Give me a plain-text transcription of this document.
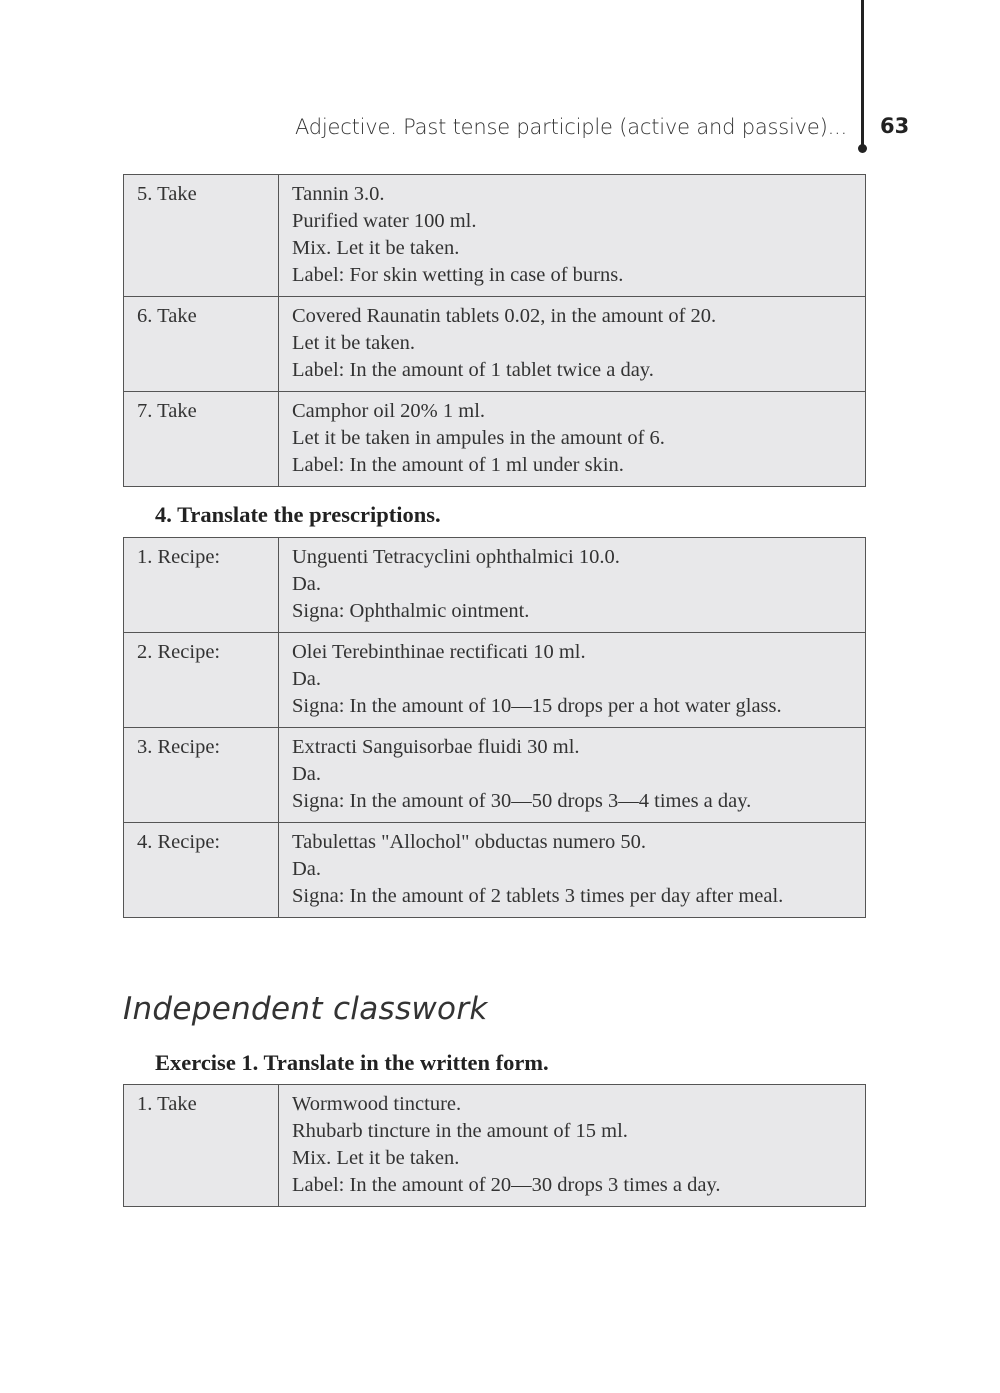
Adjective. Past tense participle (active and passive)... 63
5. Take	Tannin 3.0.
Purified water 100 ml.
Mix. Let it be taken.
Label: For skin wetting in case of burns.

6. Take	Covered Raunatin tablets 0.02, in the amount of 20.
Let it be taken.
Label: In the amount of 1 tablet twice a day.

7. Take	Camphor oil 20% 1 ml.
Let it be taken in ampules in the amount of 6.
Label: In the amount of 1 ml under skin.
4. Translate the prescriptions.
1. Recipe:	Unguenti Tetracyclini ophthalmici 10.0.
Da.
Signa: Ophthalmic ointment.

2. Recipe:	Olei Terebinthinae rectificati 10 ml.
Da.
Signa: In the amount of 10—15 drops per a hot water glass.

3. Recipe:	Extracti Sanguisorbae fluidi 30 ml.
Da.
Signa: In the amount of 30—50 drops 3—4 times a day.

4. Recipe:	Tabulettas "Allochol" obductas numero 50.
Da.
Signa: In the amount of 2 tablets 3 times per day after meal.
Independent classwork
Exercise 1. Translate in the written form.
1. Take	Wormwood tincture.
Rhubarb tincture in the amount of 15 ml.
Mix. Let it be taken.
Label: In the amount of 20—30 drops 3 times a day.
